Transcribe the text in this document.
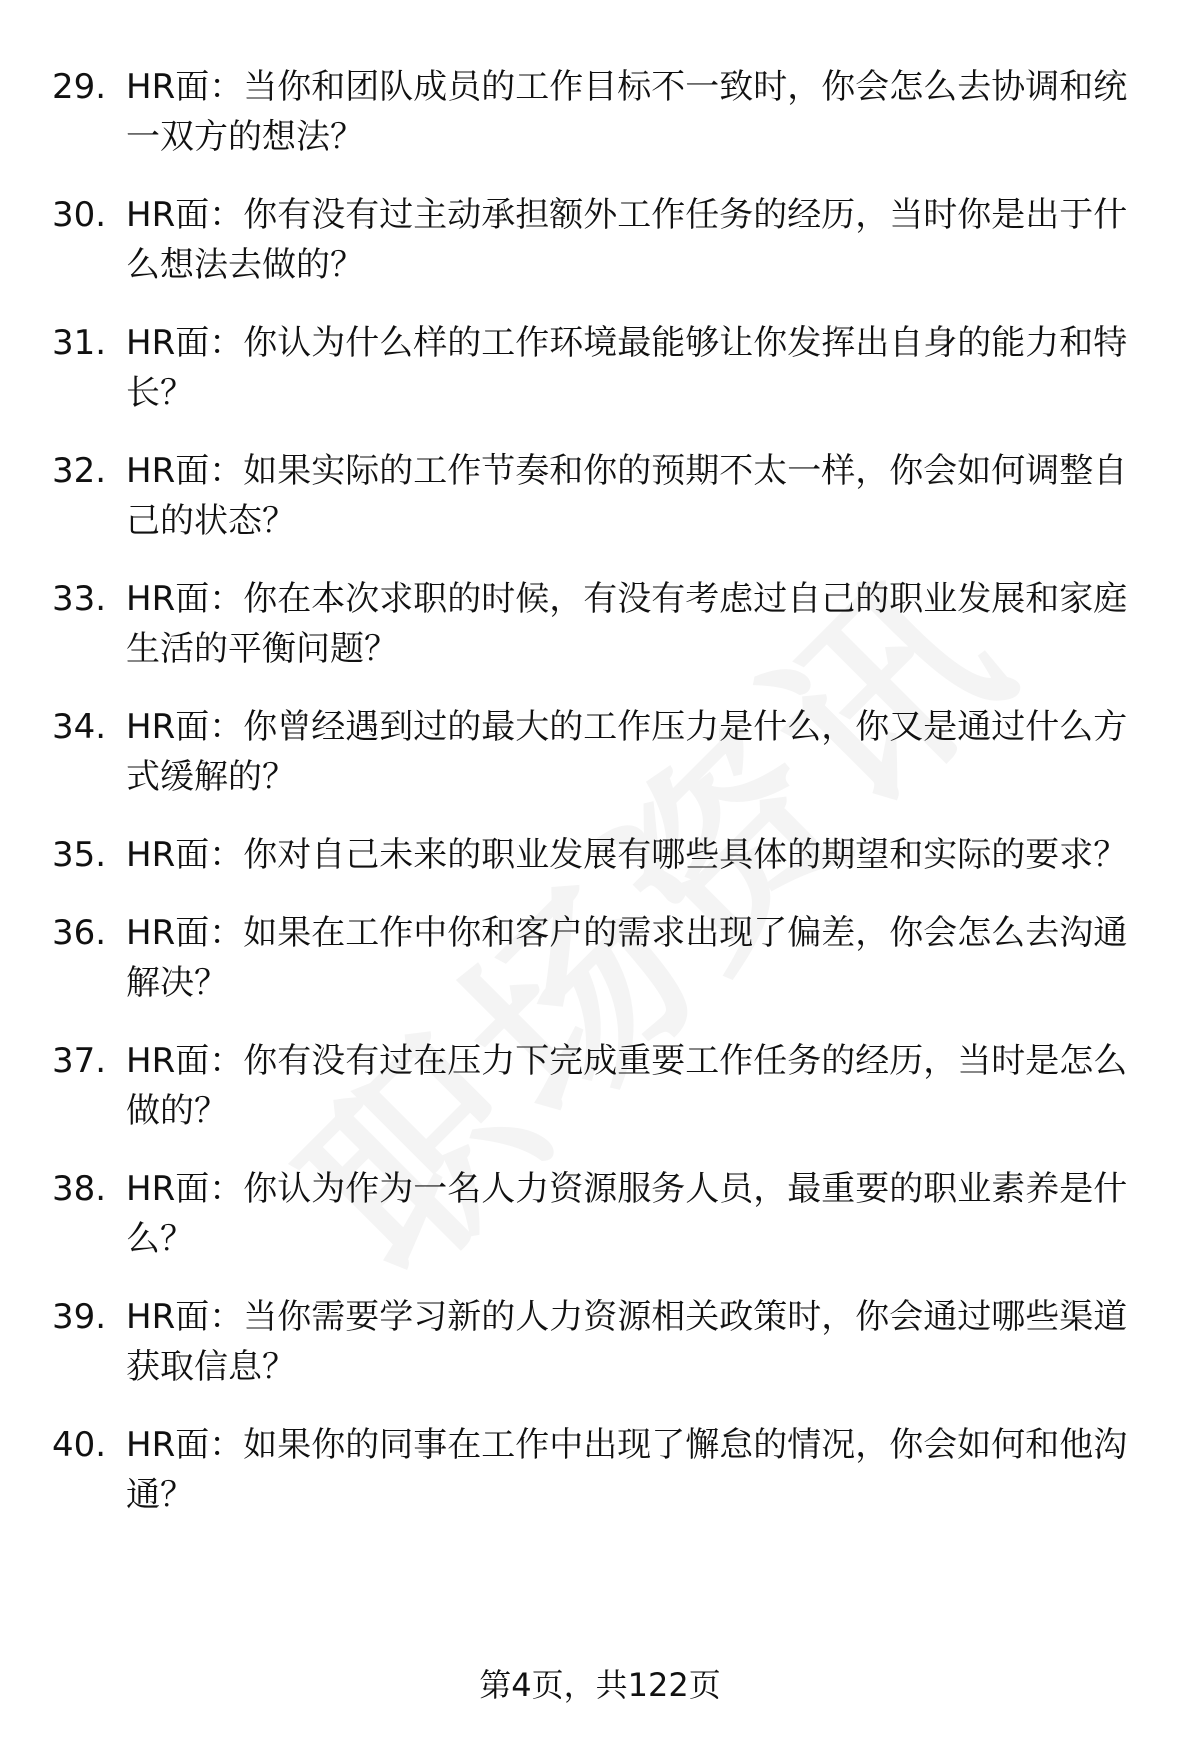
29. HR面：当你和团队成员的工作目标不一致时，你会怎么去协调和统一双方的想法？
30. HR面：你有没有过主动承担额外工作任务的经历，当时你是出于什么想法去做的？
31. HR面：你认为什么样的工作环境最能够让你发挥出自身的能力和特长？
32. HR面：如果实际的工作节奏和你的预期不太一样，你会如何调整自己的状态？
33. HR面：你在本次求职的时候，有没有考虑过自己的职业发展和家庭生活的平衡问题？
34. HR面：你曾经遇到过的最大的工作压力是什么，你又是通过什么方式缓解的？
35. HR面：你对自己未来的职业发展有哪些具体的期望和实际的要求？
36. HR面：如果在工作中你和客户的需求出现了偏差，你会怎么去沟通解决？
37. HR面：你有没有过在压力下完成重要工作任务的经历，当时是怎么做的？
38. HR面：你认为作为一名人力资源服务人员，最重要的职业素养是什么？
39. HR面：当你需要学习新的人力资源相关政策时，你会通过哪些渠道获取信息？
40. HR面：如果你的同事在工作中出现了懈怠的情况，你会如何和他沟通？
第4页，共122页
